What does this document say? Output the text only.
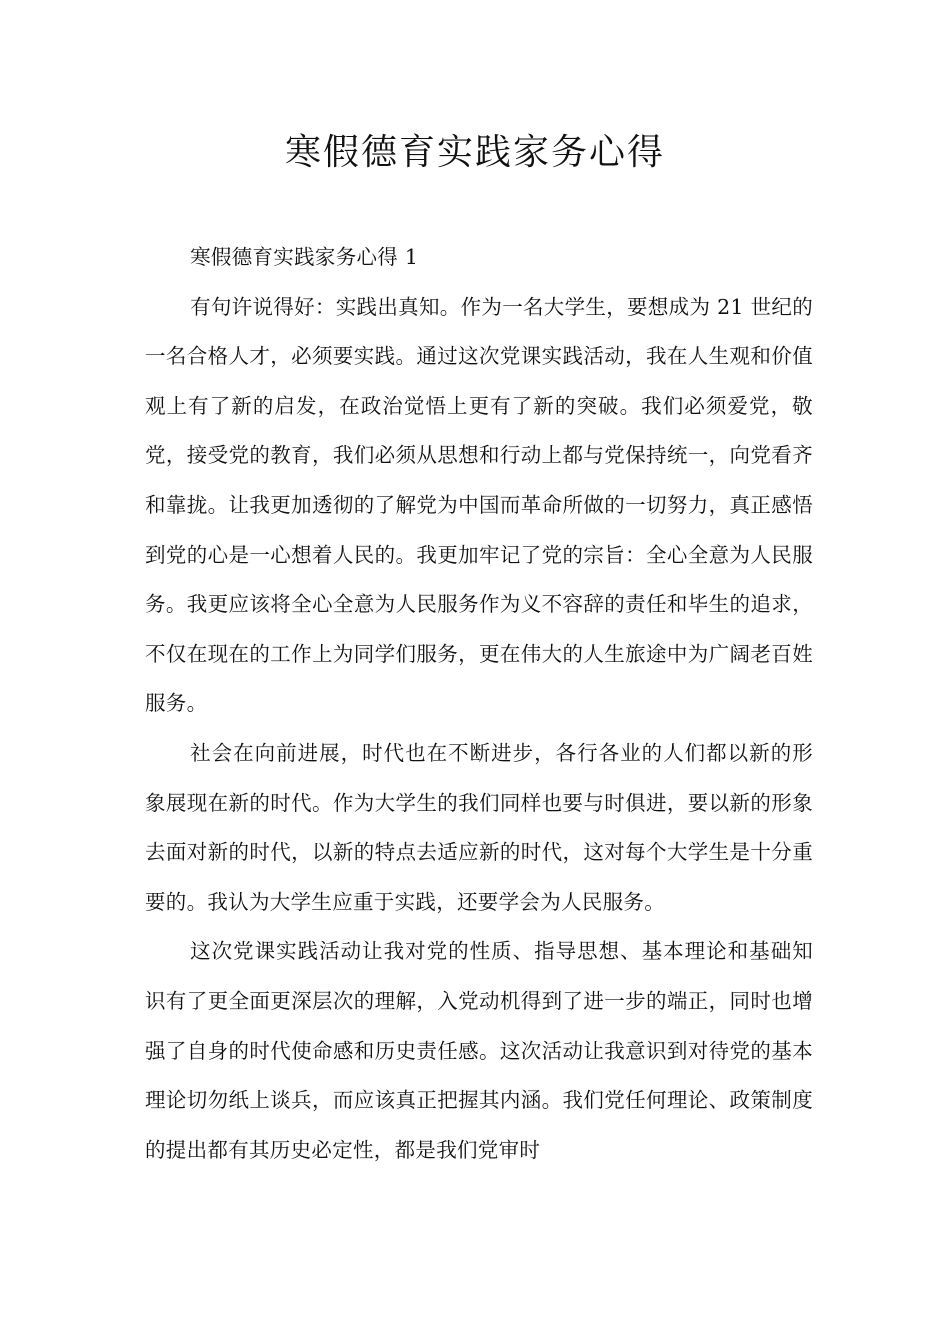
寒假德育实践家务心得

寒假德育实践家务心得 1

有句许说得好：实践出真知。作为一名大学生，要想成为 21 世纪的一名合格人才，必须要实践。通过这次党课实践活动，我在人生观和价值观上有了新的启发，在政治觉悟上更有了新的突破。我们必须爱党，敬党，接受党的教育，我们必须从思想和行动上都与党保持统一，向党看齐和靠拢。让我更加透彻的了解党为中国而革命所做的一切努力，真正感悟到党的心是一心想着人民的。我更加牢记了党的宗旨：全心全意为人民服务。我更应该将全心全意为人民服务作为义不容辞的责任和毕生的追求，不仅在现在的工作上为同学们服务，更在伟大的人生旅途中为广阔老百姓服务。

社会在向前进展，时代也在不断进步，各行各业的人们都以新的形象展现在新的时代。作为大学生的我们同样也要与时俱进，要以新的形象去面对新的时代，以新的特点去适应新的时代，这对每个大学生是十分重要的。我认为大学生应重于实践，还要学会为人民服务。

这次党课实践活动让我对党的性质、指导思想、基本理论和基础知识有了更全面更深层次的理解，入党动机得到了进一步的端正，同时也增强了自身的时代使命感和历史责任感。这次活动让我意识到对待党的基本理论切勿纸上谈兵，而应该真正把握其内涵。我们党任何理论、政策制度的提出都有其历史必定性，都是我们党审时
